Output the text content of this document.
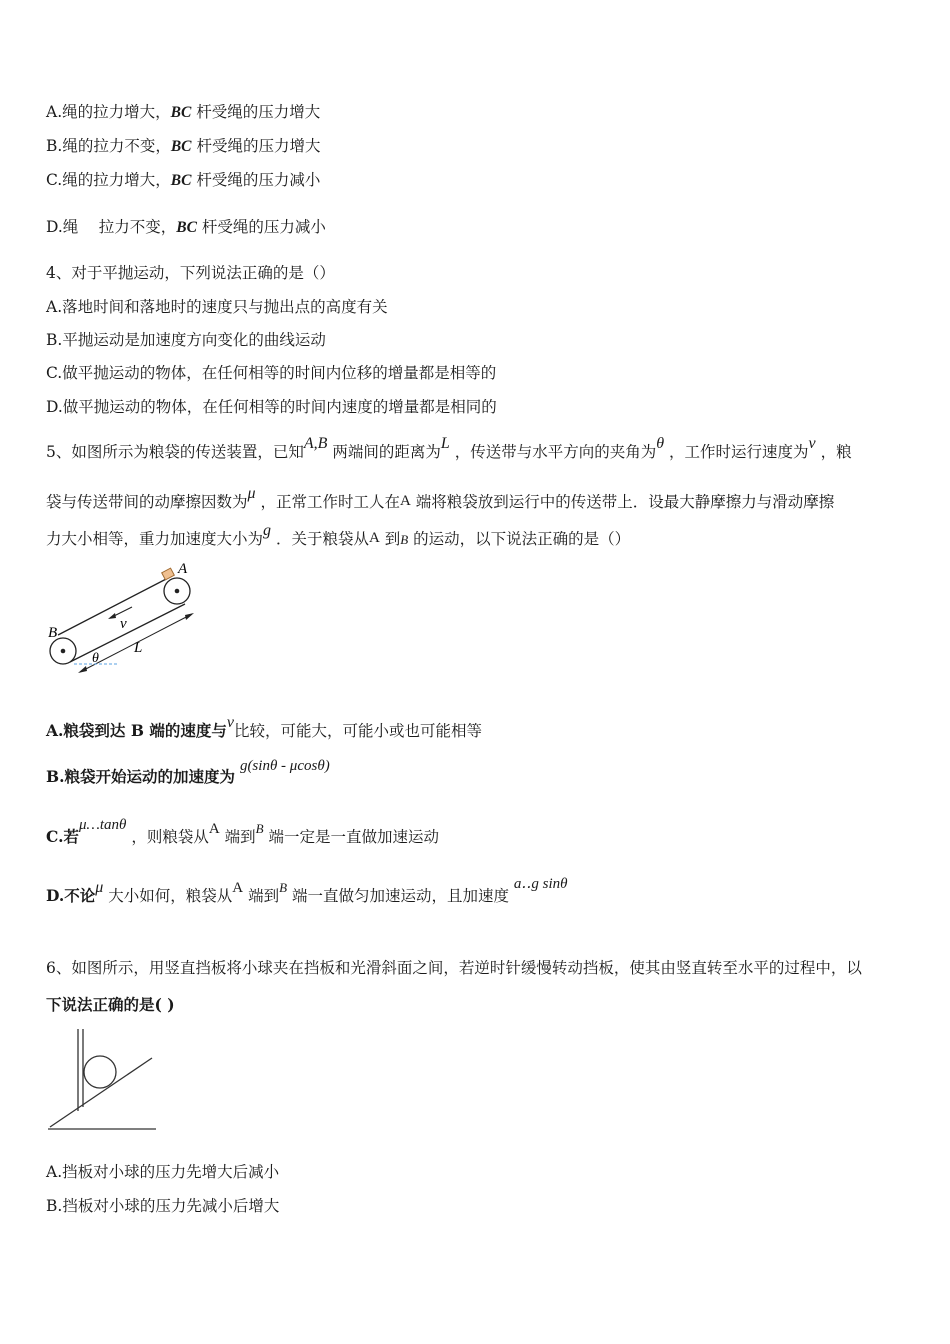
A.绳的拉力增大，BC 杆受绳的压力增大
B.绳的拉力不变，BC 杆受绳的压力增大
C.绳的拉力增大，BC 杆受绳的压力减小
D.绳　 拉力不变，BC 杆受绳的压力减小
4、对于平抛运动，下列说法正确的是（）
A.落地时间和落地时的速度只与抛出点的高度有关
B.平抛运动是加速度方向变化的曲线运动
C.做平抛运动的物体，在任何相等的时间内位移的增量都是相等的
D.做平抛运动的物体，在任何相等的时间内速度的增量都是相同的
5、如图所示为粮袋的传送装置，已知A,B 两端间的距离为L ，传送带与水平方向的夹角为θ ，工作时运行速度为v ，粮
袋与传送带间的动摩擦因数为μ ，正常工作时工人在A 端将粮袋放到运行中的传送带上．设最大静摩擦力与滑动摩擦
力大小相等，重力加速度大小为g ．关于粮袋从A 到B 的运动，以下说法正确的是（）
A
B
v
L
θ
A.粮袋到达 B 端的速度与v比较，可能大，可能小或也可能相等
B.粮袋开始运动的加速度为 g(sinθ - μcosθ)
C.若μ…tanθ ，则粮袋从A 端到$^B$ 端一定是一直做加速运动
D.不论μ 大小如何，粮袋从A 端到$^B$ 端一直做匀加速运动，且加速度 a‥g sinθ
6、如图所示，用竖直挡板将小球夹在挡板和光滑斜面之间，若逆时针缓慢转动挡板，使其由竖直转至水平的过程中，以
下说法正确的是( )
A.挡板对小球的压力先增大后减小
B.挡板对小球的压力先减小后增大
